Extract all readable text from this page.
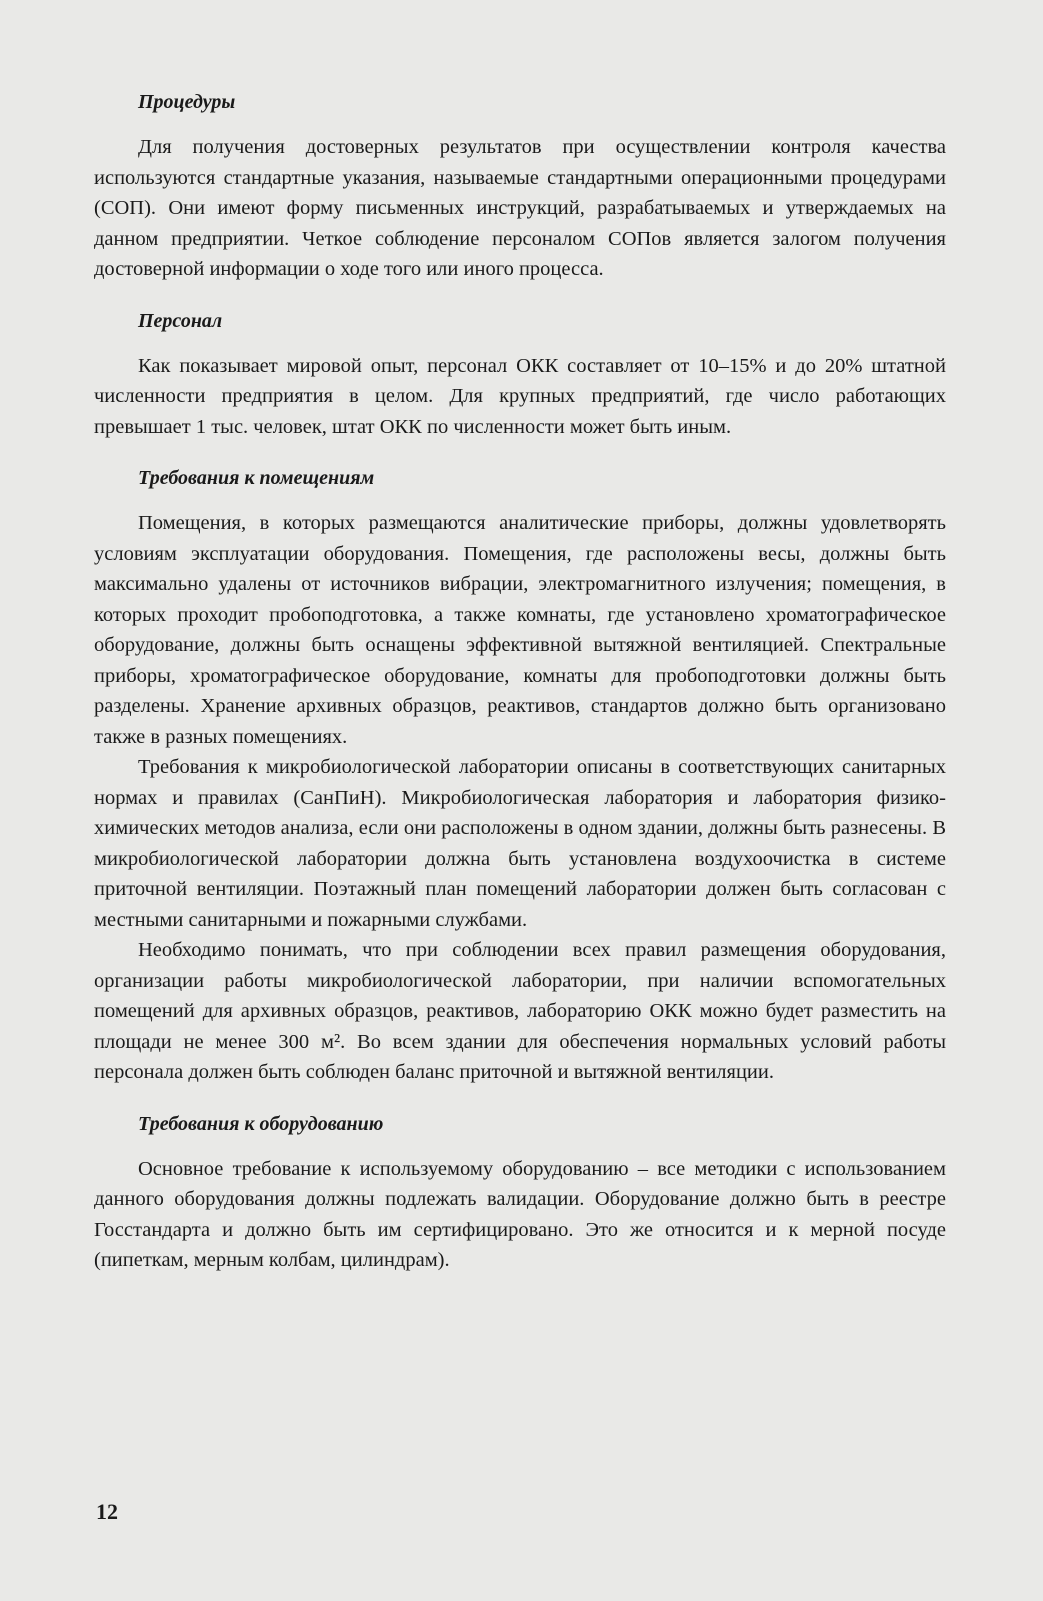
Процедуры

Для получения достоверных результатов при осуществлении контроля качества используются стандартные указания, называемые стандартными операционными процедурами (СОП). Они имеют форму письменных инструкций, разрабатываемых и утверждаемых на данном предприятии. Четкое соблюдение персоналом СОПов является залогом получения достоверной информации о ходе того или иного процесса.

Персонал

Как показывает мировой опыт, персонал ОКК составляет от 10–15% и до 20% штатной численности предприятия в целом. Для крупных предприятий, где число работающих превышает 1 тыс. человек, штат ОКК по численности может быть иным.

Требования к помещениям

Помещения, в которых размещаются аналитические приборы, должны удовлетворять условиям эксплуатации оборудования. Помещения, где расположены весы, должны быть максимально удалены от источников вибрации, электромагнитного излучения; помещения, в которых проходит пробоподготовка, а также комнаты, где установлено хроматографическое оборудование, должны быть оснащены эффективной вытяжной вентиляцией. Спектральные приборы, хроматографическое оборудование, комнаты для пробоподготовки должны быть разделены. Хранение архивных образцов, реактивов, стандартов должно быть организовано также в разных помещениях.

Требования к микробиологической лаборатории описаны в соответствующих санитарных нормах и правилах (СанПиН). Микробиологическая лаборатория и лаборатория физико-химических методов анализа, если они расположены в одном здании, должны быть разнесены. В микробиологической лаборатории должна быть установлена воздухоочистка в системе приточной вентиляции. Поэтажный план помещений лаборатории должен быть согласован с местными санитарными и пожарными службами.

Необходимо понимать, что при соблюдении всех правил размещения оборудования, организации работы микробиологической лаборатории, при наличии вспомогательных помещений для архивных образцов, реактивов, лабораторию ОКК можно будет разместить на площади не менее 300 м². Во всем здании для обеспечения нормальных условий работы персонала должен быть соблюден баланс приточной и вытяжной вентиляции.

Требования к оборудованию

Основное требование к используемому оборудованию – все методики с использованием данного оборудования должны подлежать валидации. Оборудование должно быть в реестре Госстандарта и должно быть им сертифицировано. Это же относится и к мерной посуде (пипеткам, мерным колбам, цилиндрам).

12
